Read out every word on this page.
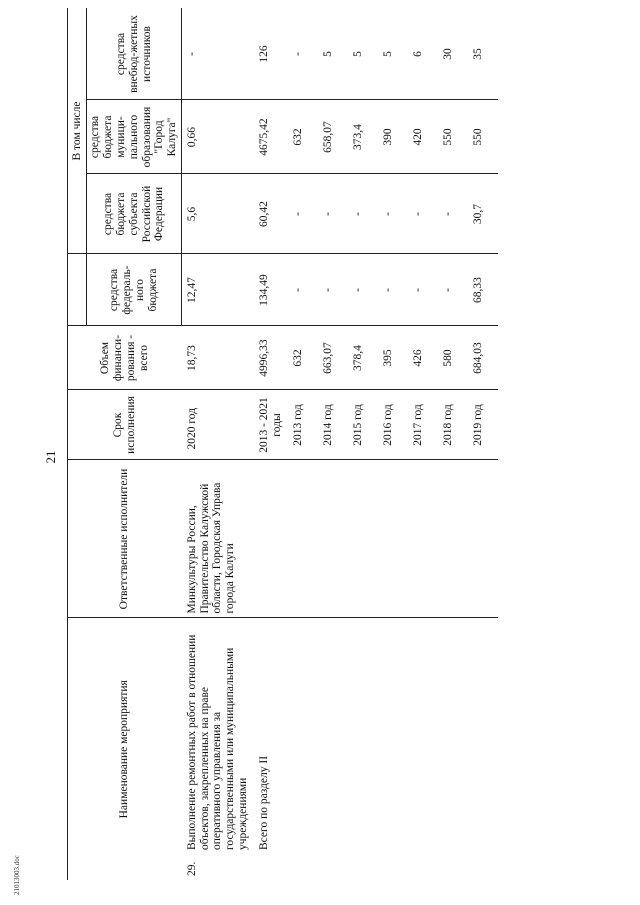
21
21013003.doc
Наименование мероприятия	Ответственные исполнители	Срок исполнения	Объем финанси-рования - всего		В том числе		
				средства федераль-ного бюджета	средства бюджета субъекта Российской Федерации	средства бюджета муници-пального образования "Город Калуга"	средства внебюд-жетных источников
29.Выполнение ремонтных работ в отношении объектов, закрепленных на праве оперативного управления за государственными или муниципальными учреждениями	Минкультуры России, Правительство Калужской области, Городская Управа города Калуги	2020 год	18,73	12,47	5,6	0,66	-
Всего по разделу II		2013 - 2021 годы	4996,33	134,49	60,42	4675,42	126
		2013 год	632	-	-	632	-
		2014 год	663,07	-	-	658,07	5
		2015 год	378,4	-	-	373,4	5
		2016 год	395	-	-	390	5
		2017 год	426	-	-	420	6
		2018 год	580	-	-	550	30
		2019 год	684,03	68,33	30,7	550	35
